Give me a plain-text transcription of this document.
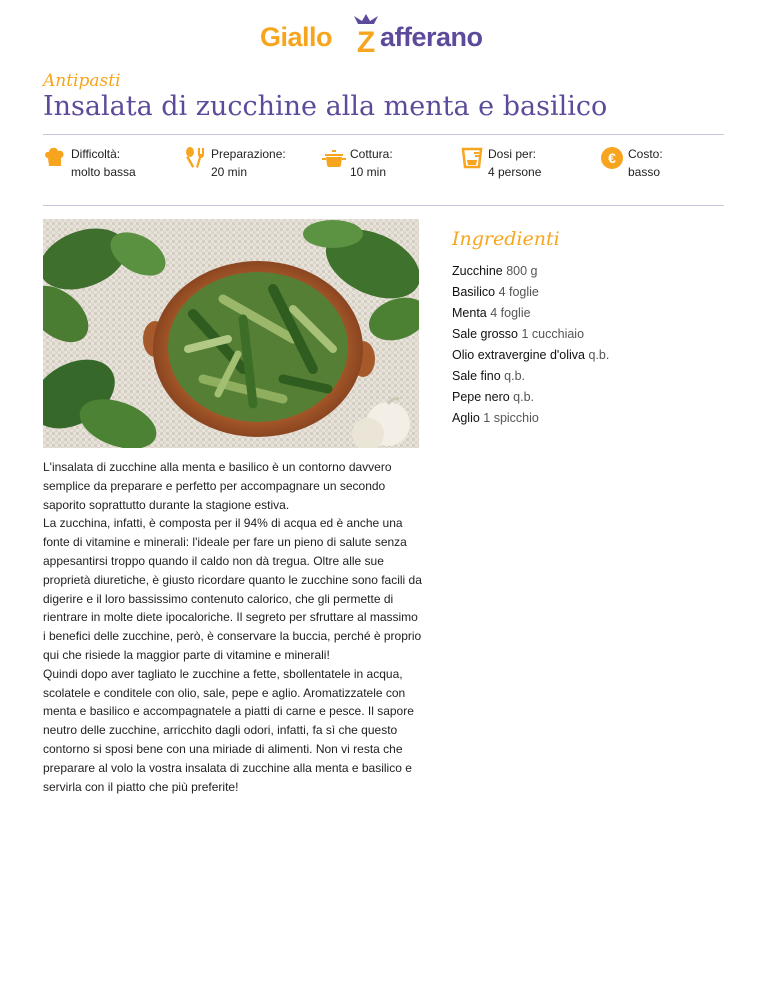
Giallo Z afferano
Antipasti
Insalata di zucchine alla menta e basilico
Difficoltà:
molto bassa
Preparazione:
20 min
Cottura:
10 min
Dosi per:
4 persone
€ Costo:
basso
Ingredienti
Zucchine 800 g
Basilico 4 foglie
Menta 4 foglie
Sale grosso 1 cucchiaio
Olio extravergine d'oliva q.b.
Sale fino q.b.
Pepe nero q.b.
Aglio 1 spicchio

L'insalata di zucchine alla menta e basilico è un contorno davvero semplice da preparare e perfetto per accompagnare un secondo saporito soprattutto durante la stagione estiva.

La zucchina, infatti, è composta per il 94% di acqua ed è anche una fonte di vitamine e minerali: l'ideale per fare un pieno di salute senza appesantirsi troppo quando il caldo non dà tregua. Oltre alle sue proprietà diuretiche, è giusto ricordare quanto le zucchine sono facili da digerire e il loro bassissimo contenuto calorico, che gli permette di rientrare in molte diete ipocaloriche. Il segreto per sfruttare al massimo i benefici delle zucchine, però, è conservare la buccia, perché è proprio qui che risiede la maggior parte di vitamine e minerali!

Quindi dopo aver tagliato le zucchine a fette, sbollentatele in acqua, scolatele e conditele con olio, sale, pepe e aglio. Aromatizzatele con menta e basilico e accompagnatele a piatti di carne e pesce. Il sapore neutro delle zucchine, arricchito dagli odori, infatti, fa sì che questo contorno si sposi bene con una miriade di alimenti. Non vi resta che preparare al volo la vostra insalata di zucchine alla menta e basilico e servirla con il piatto che più preferite!
